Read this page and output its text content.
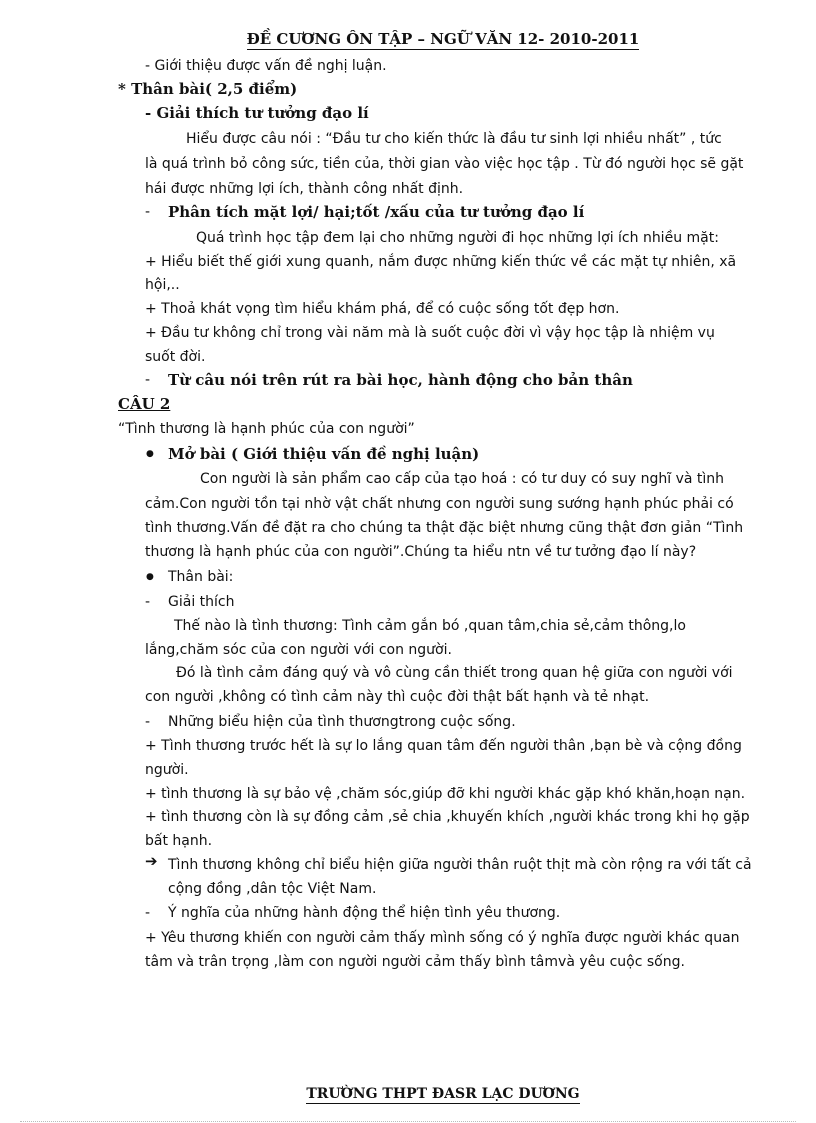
ĐỀ CƯƠNG ÔN TẬP – NGỮ VĂN 12- 2010-2011
- Giới thiệu được vấn đề nghị luận.
* Thân bài( 2,5 điểm)
- Giải thích tư tưởng đạo lí
Hiểu được câu nói : “Đầu tư cho kiến thức là đầu tư sinh lợi nhiều nhất” , tức
là quá trình bỏ công sức, tiền của, thời gian vào việc học tập . Từ đó người học sẽ gặt
hái được những lợi ích, thành công nhất định.
- Phân tích mặt lợi/ hại;tốt /xấu của tư tưởng đạo lí
Quá trình học tập đem lại cho những người đi học những lợi ích nhiều mặt:
+ Hiểu biết thế giới xung quanh, nắm được những kiến thức về các mặt tự nhiên, xã
hội,..
+ Thoả khát vọng tìm hiểu khám phá, để có cuộc sống tốt đẹp hơn.
+ Đầu tư không chỉ trong vài năm mà là suốt cuộc đời vì vậy học tập là nhiệm vụ
suốt đời.
- Từ câu nói trên rút ra bài học, hành động cho bản thân
CÂU 2
“Tình thương là hạnh phúc của con người”
● Mở bài ( Giới thiệu vấn đề nghị luận)
Con người là sản phẩm cao cấp của tạo hoá : có tư duy có suy nghĩ và tình
cảm.Con người tồn tại nhờ vật chất nhưng con người sung sướng hạnh phúc phải có
tình thương.Vấn đề đặt ra cho chúng ta thật đặc biệt nhưng cũng thật đơn giản “Tình
thương là hạnh phúc của con người”.Chúng ta hiểu ntn về tư tưởng đạo lí này?
● Thân bài:
- Giải thích
Thế nào là tình thương: Tình cảm gắn bó ,quan tâm,chia sẻ,cảm thông,lo
lắng,chăm sóc của con người với con người.
Đó là tình cảm đáng quý và vô cùng cần thiết trong quan hệ giữa con người với
con người ,không có tình cảm này thì cuộc đời thật bất hạnh và tẻ nhạt.
- Những biểu hiện của tình thươngtrong cuộc sống.
+ Tình thương trước hết là sự lo lắng quan tâm đến người thân ,bạn bè và cộng đồng
người.
+ tình thương là sự bảo vệ ,chăm sóc,giúp đỡ khi người khác gặp khó khăn,hoạn nạn.
+ tình thương còn là sự đồng cảm ,sẻ chia ,khuyến khích ,người khác trong khi họ gặp
bất hạnh.
➔ Tình thương không chỉ biểu hiện giữa người thân ruột thịt mà còn rộng ra với tất cả
cộng đồng ,dân tộc Việt Nam.
- Ý nghĩa của những hành động thể hiện tình yêu thương.
+ Yêu thương khiến con người cảm thấy mình sống có ý nghĩa được người khác quan
tâm và trân trọng ,làm con người người cảm thấy bình tâmvà yêu cuộc sống.
TRƯỜNG THPT ĐASR LẠC DƯƠNG
